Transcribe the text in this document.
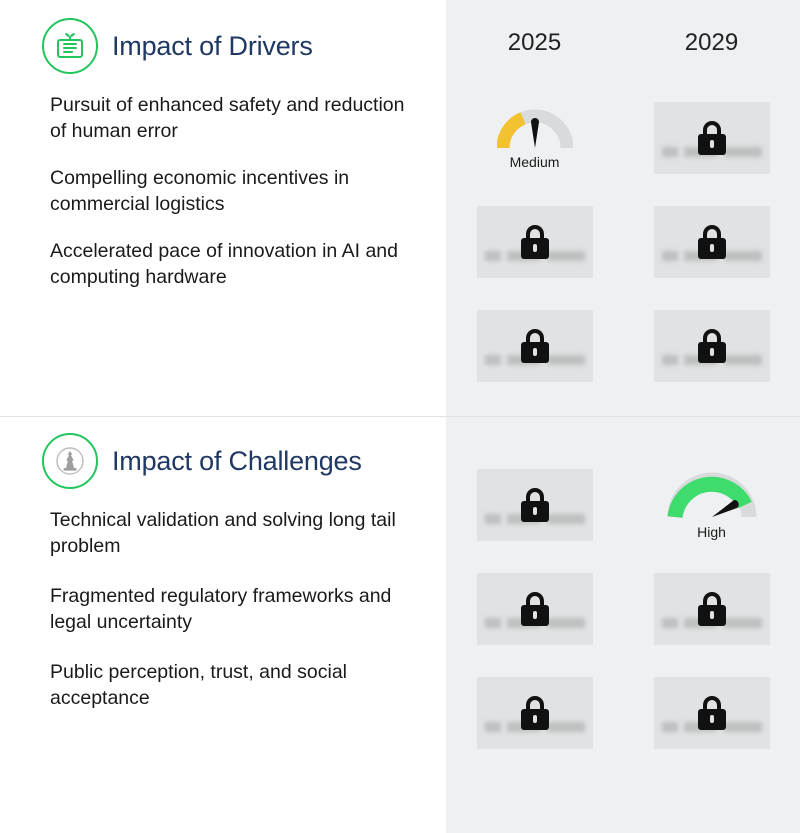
Impact of Drivers
Pursuit of enhanced safety and reduction of human error
Compelling economic incentives in commercial logistics
Accelerated pace of innovation in AI and computing hardware
Impact of Challenges
Technical validation and solving long tail problem
Fragmented regulatory frameworks and legal uncertainty
Public perception, trust, and social acceptance
2025	2029
Medium
High
